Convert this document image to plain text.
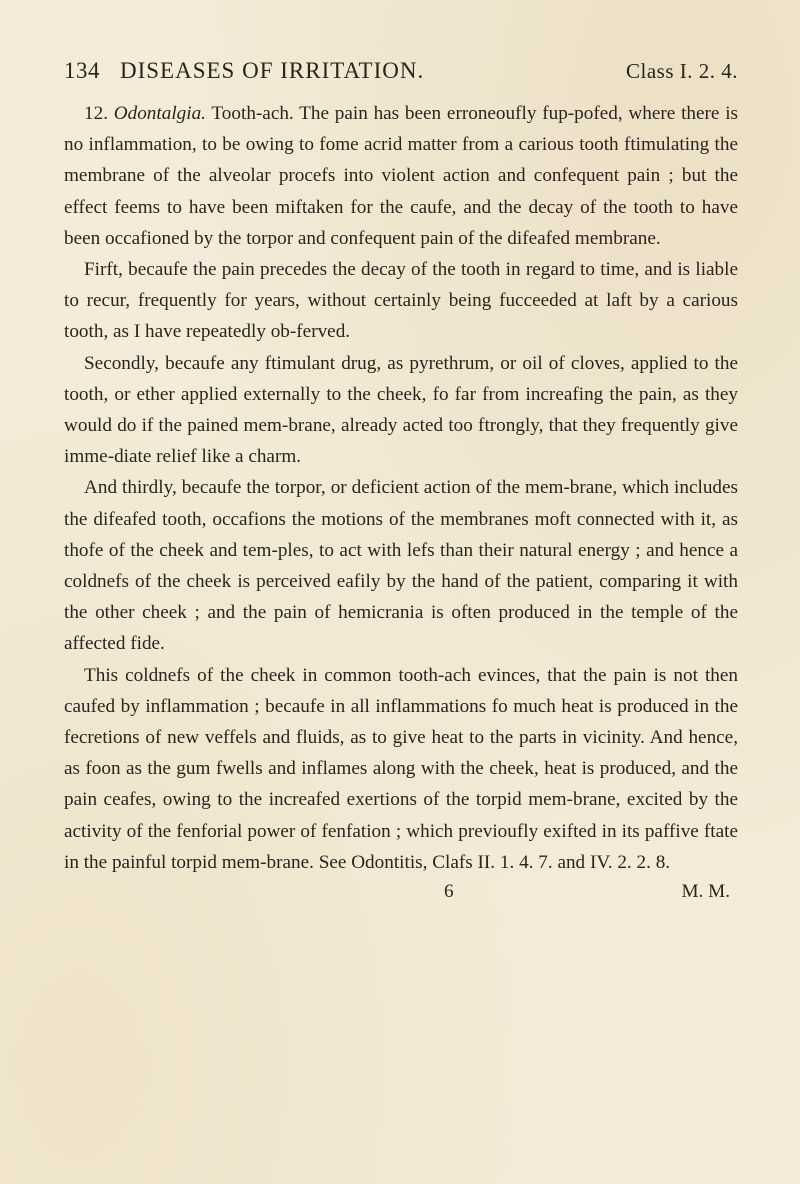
134 DISEASES OF IRRITATION.	Class I. 2. 4.

12. Odontalgia. Tooth-ach. The pain has been erroneoufly fup-pofed, where there is no inflammation, to be owing to fome acrid matter from a carious tooth ftimulating the membrane of the alveolar procefs into violent action and confequent pain ; but the effect feems to have been miftaken for the caufe, and the decay of the tooth to have been occafioned by the torpor and confequent pain of the difeafed membrane.

Firft, becaufe the pain precedes the decay of the tooth in regard to time, and is liable to recur, frequently for years, without certainly being fucceeded at laft by a carious tooth, as I have repeatedly ob-ferved.

Secondly, becaufe any ftimulant drug, as pyrethrum, or oil of cloves, applied to the tooth, or ether applied externally to the cheek, fo far from increafing the pain, as they would do if the pained mem-brane, already acted too ftrongly, that they frequently give imme-diate relief like a charm.

And thirdly, becaufe the torpor, or deficient action of the mem-brane, which includes the difeafed tooth, occafions the motions of the membranes moft connected with it, as thofe of the cheek and tem-ples, to act with lefs than their natural energy ; and hence a coldnefs of the cheek is perceived eafily by the hand of the patient, comparing it with the other cheek ; and the pain of hemicrania is often produced in the temple of the affected fide.

This coldnefs of the cheek in common tooth-ach evinces, that the pain is not then caufed by inflammation ; becaufe in all inflammations fo much heat is produced in the fecretions of new veffels and fluids, as to give heat to the parts in vicinity. And hence, as foon as the gum fwells and inflames along with the cheek, heat is produced, and the pain ceafes, owing to the increafed exertions of the torpid mem-brane, excited by the activity of the fenforial power of fenfation ; which previoufly exifted in its paffive ftate in the painful torpid mem-brane. See Odontitis, Clafs II. 1. 4. 7. and IV. 2. 2. 8.

6	M. M.
